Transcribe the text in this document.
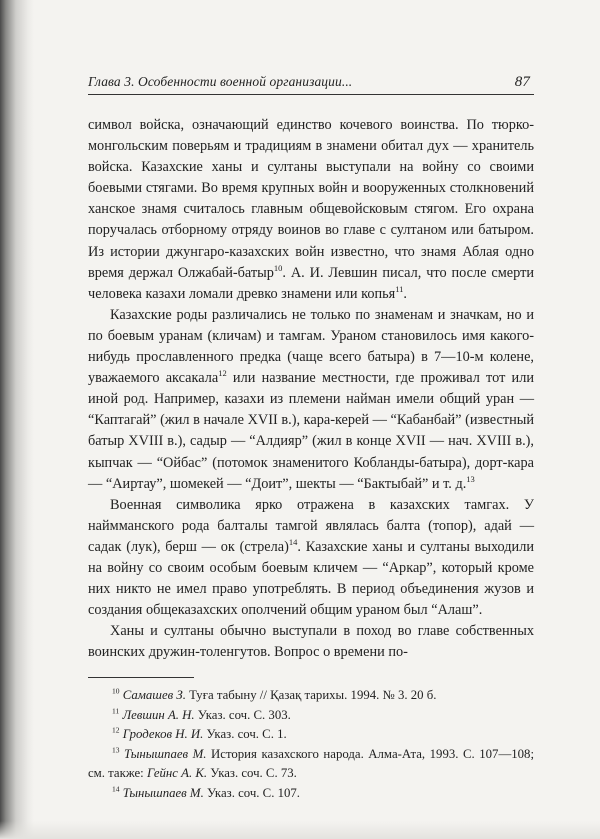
Глава 3. Особенности военной организации...	87

символ войска, означающий единство кочевого воинства. По тюрко-монгольским поверьям и традициям в знамени обитал дух — хранитель войска. Казахские ханы и султаны выступали на войну со своими боевыми стягами. Во время крупных войн и вооруженных столкновений ханское знамя считалось главным общевойсковым стягом. Его охрана поручалась отборному отряду воинов во главе с султаном или батыром. Из истории джунгаро-казахских войн известно, что знамя Аблая одно время держал Олжабай-батыр$^{10}$. А. И. Левшин писал, что после смерти человека казахи ломали древко знамени или копья$^{11}$.

Казахские роды различались не только по знаменам и значкам, но и по боевым уранам (кличам) и тамгам. Ураном становилось имя какого-нибудь прославленного предка (чаще всего батыра) в 7—10-м колене, уважаемого аксакала$^{12}$ или название местности, где проживал тот или иной род. Например, казахи из племени найман имели общий уран — “Каптагай” (жил в начале XVII в.), кара-керей — “Кабанбай” (известный батыр XVIII в.), садыр — “Алдияр” (жил в конце XVII — нач. XVIII в.), кыпчак — “Ойбас” (потомок знаменитого Кобланды-батыра), дорт-кара — “Аиртау”, шомекей — “Доит”, шекты — “Бактыбай” и т. д.$^{13}$

Военная символика ярко отражена в казахских тамгах. У наймманского рода балталы тамгой являлась балта (топор), адай — садак (лук), берш — ок (стрела)$^{14}$. Казахские ханы и султаны выходили на войну со своим особым боевым кличем — “Аркар”, который кроме них никто не имел право употреблять. В период объединения жузов и создания общеказахских ополчений общим ураном был “Алаш”.

Ханы и султаны обычно выступали в поход во главе собственных воинских дружин-толенгутов. Вопрос о времени по-

$^{10}$ Самашев З. Туға табыну // Қазақ тарихы. 1994. № 3. 20 б.

$^{11}$ Левшин А. Н. Указ. соч. С. 303.

$^{12}$ Гродеков Н. И. Указ. соч. С. 1.

$^{13}$ Тынышпаев М. История казахского народа. Алма-Ата, 1993. С. 107—108; см. также: Гейнс А. К. Указ. соч. С. 73.

$^{14}$ Тынышпаев М. Указ. соч. С. 107.
